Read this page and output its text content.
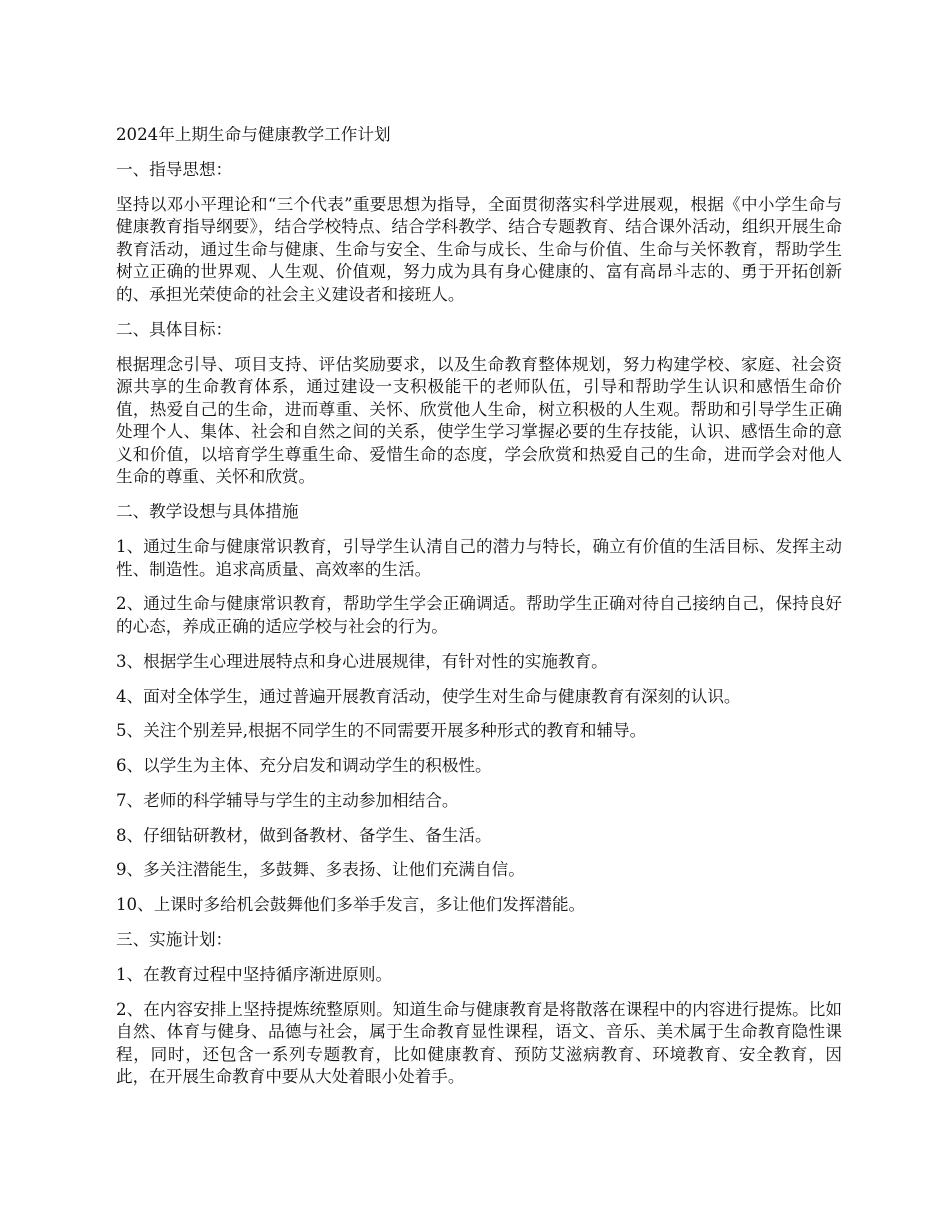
2024年上期生命与健康教学工作计划

一、指导思想：

坚持以邓小平理论和“三个代表”重要思想为指导，全面贯彻落实科学进展观，根据《中小学生命与健康教育指导纲要》，结合学校特点、结合学科教学、结合专题教育、结合课外活动，组织开展生命教育活动，通过生命与健康、生命与安全、生命与成长、生命与价值、生命与关怀教育，帮助学生树立正确的世界观、人生观、价值观，努力成为具有身心健康的、富有高昂斗志的、勇于开拓创新的、承担光荣使命的社会主义建设者和接班人。

二、具体目标：

根据理念引导、项目支持、评估奖励要求，以及生命教育整体规划，努力构建学校、家庭、社会资源共享的生命教育体系，通过建设一支积极能干的老师队伍，引导和帮助学生认识和感悟生命价值，热爱自己的生命，进而尊重、关怀、欣赏他人生命，树立积极的人生观。帮助和引导学生正确处理个人、集体、社会和自然之间的关系，使学生学习掌握必要的生存技能，认识、感悟生命的意义和价值，以培育学生尊重生命、爱惜生命的态度，学会欣赏和热爱自己的生命，进而学会对他人生命的尊重、关怀和欣赏。

二、教学设想与具体措施

1、通过生命与健康常识教育，引导学生认清自己的潜力与特长，确立有价值的生活目标、发挥主动性、制造性。追求高质量、高效率的生活。

2、通过生命与健康常识教育，帮助学生学会正确调适。帮助学生正确对待自己接纳自己，保持良好的心态，养成正确的适应学校与社会的行为。

3、根据学生心理进展特点和身心进展规律，有针对性的实施教育。

4、面对全体学生，通过普遍开展教育活动，使学生对生命与健康教育有深刻的认识。

5、关注个别差异,根据不同学生的不同需要开展多种形式的教育和辅导。

6、以学生为主体、充分启发和调动学生的积极性。

7、老师的科学辅导与学生的主动参加相结合。

8、仔细钻研教材，做到备教材、备学生、备生活。

9、多关注潜能生，多鼓舞、多表扬、让他们充满自信。

10、上课时多给机会鼓舞他们多举手发言，多让他们发挥潜能。

三、实施计划：

1、在教育过程中坚持循序渐进原则。

2、在内容安排上坚持提炼统整原则。知道生命与健康教育是将散落在课程中的内容进行提炼。比如自然、体育与健身、品德与社会，属于生命教育显性课程，语文、音乐、美术属于生命教育隐性课程，同时，还包含一系列专题教育，比如健康教育、预防艾滋病教育、环境教育、安全教育，因此，在开展生命教育中要从大处着眼小处着手。
